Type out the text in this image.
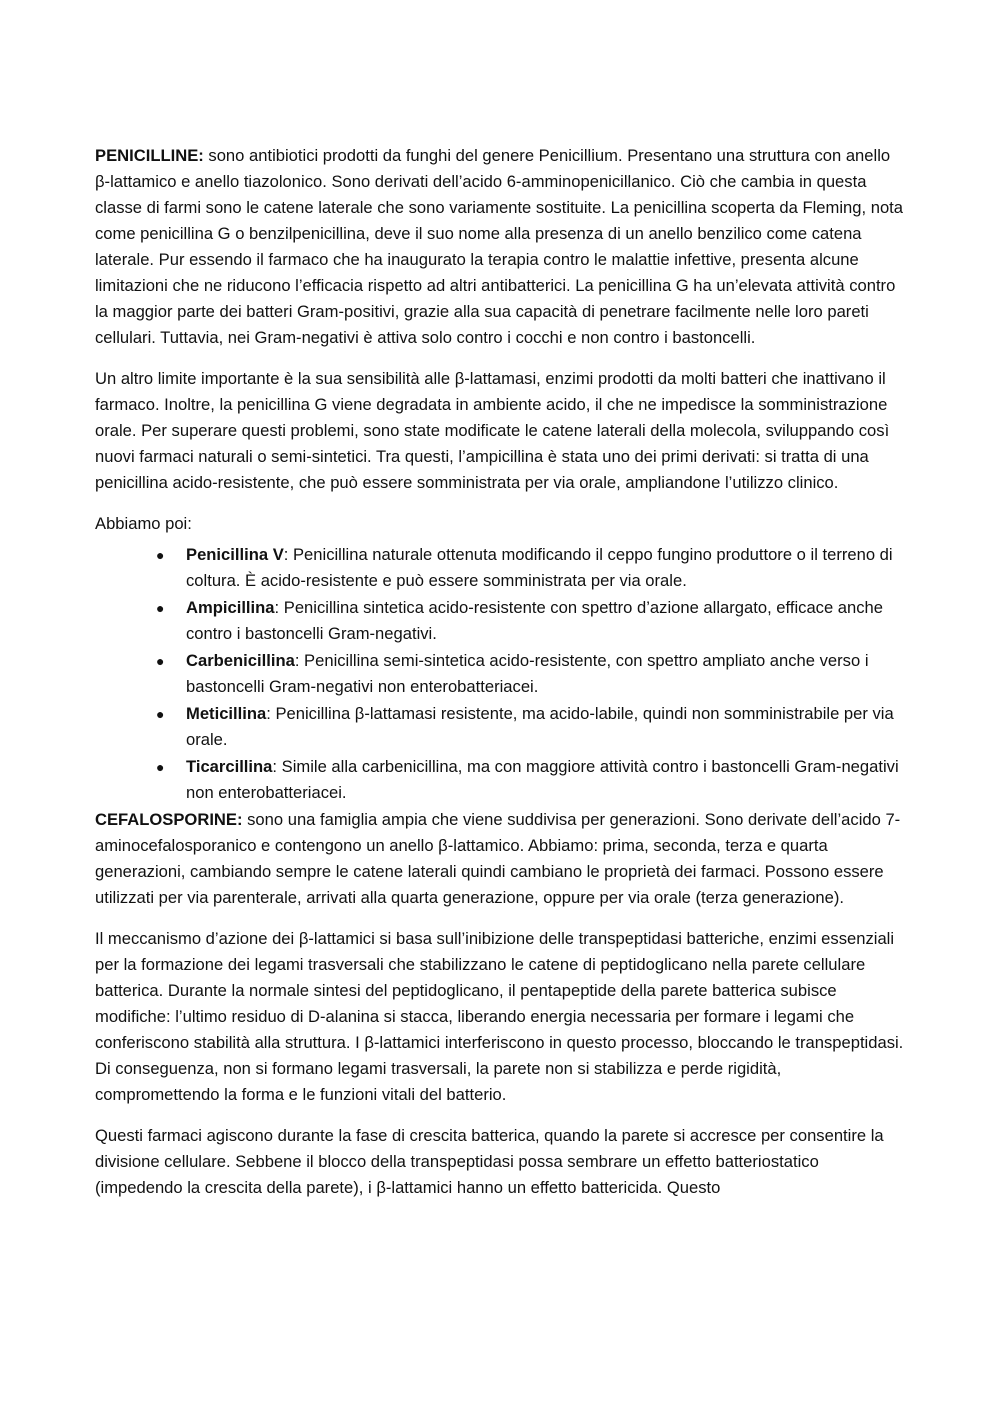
PENICILLINE: sono antibiotici prodotti da funghi del genere Penicillium. Presentano una struttura con anello β-lattamico e anello tiazolonico. Sono derivati dell’acido 6-amminopenicillanico. Ciò che cambia in questa classe di farmi sono le catene laterale che sono variamente sostituite. La penicillina scoperta da Fleming, nota come penicillina G o benzilpenicillina, deve il suo nome alla presenza di un anello benzilico come catena laterale. Pur essendo il farmaco che ha inaugurato la terapia contro le malattie infettive, presenta alcune limitazioni che ne riducono l’efficacia rispetto ad altri antibatterici. La penicillina G ha un’elevata attività contro la maggior parte dei batteri Gram-positivi, grazie alla sua capacità di penetrare facilmente nelle loro pareti cellulari. Tuttavia, nei Gram-negativi è attiva solo contro i cocchi e non contro i bastoncelli.

Un altro limite importante è la sua sensibilità alle β-lattamasi, enzimi prodotti da molti batteri che inattivano il farmaco. Inoltre, la penicillina G viene degradata in ambiente acido, il che ne impedisce la somministrazione orale. Per superare questi problemi, sono state modificate le catene laterali della molecola, sviluppando così nuovi farmaci naturali o semi-sintetici. Tra questi, l’ampicillina è stata uno dei primi derivati: si tratta di una penicillina acido-resistente, che può essere somministrata per via orale, ampliandone l’utilizzo clinico.

Abbiamo poi:

● Penicillina V: Penicillina naturale ottenuta modificando il ceppo fungino produttore o il terreno di coltura. È acido-resistente e può essere somministrata per via orale.
● Ampicillina: Penicillina sintetica acido-resistente con spettro d’azione allargato, efficace anche contro i bastoncelli Gram-negativi.
● Carbenicillina: Penicillina semi-sintetica acido-resistente, con spettro ampliato anche verso i bastoncelli Gram-negativi non enterobatteriacei.
● Meticillina: Penicillina β-lattamasi resistente, ma acido-labile, quindi non somministrabile per via orale.
● Ticarcillina: Simile alla carbenicillina, ma con maggiore attività contro i bastoncelli Gram-negativi non enterobatteriacei.

CEFALOSPORINE: sono una famiglia ampia che viene suddivisa per generazioni. Sono derivate dell’acido 7-aminocefalosporanico e contengono un anello β-lattamico. Abbiamo: prima, seconda, terza e quarta generazioni, cambiando sempre le catene laterali quindi cambiano le proprietà dei farmaci. Possono essere utilizzati per via parenterale, arrivati alla quarta generazione, oppure per via orale (terza generazione).

Il meccanismo d’azione dei β-lattamici si basa sull’inibizione delle transpeptidasi batteriche, enzimi essenziali per la formazione dei legami trasversali che stabilizzano le catene di peptidoglicano nella parete cellulare batterica. Durante la normale sintesi del peptidoglicano, il pentapeptide della parete batterica subisce modifiche: l’ultimo residuo di D-alanina si stacca, liberando energia necessaria per formare i legami che conferiscono stabilità alla struttura. I β-lattamici interferiscono in questo processo, bloccando le transpeptidasi. Di conseguenza, non si formano legami trasversali, la parete non si stabilizza e perde rigidità, compromettendo la forma e le funzioni vitali del batterio.

Questi farmaci agiscono durante la fase di crescita batterica, quando la parete si accresce per consentire la divisione cellulare. Sebbene il blocco della transpeptidasi possa sembrare un effetto batteriostatico (impedendo la crescita della parete), i β-lattamici hanno un effetto battericida. Questo
